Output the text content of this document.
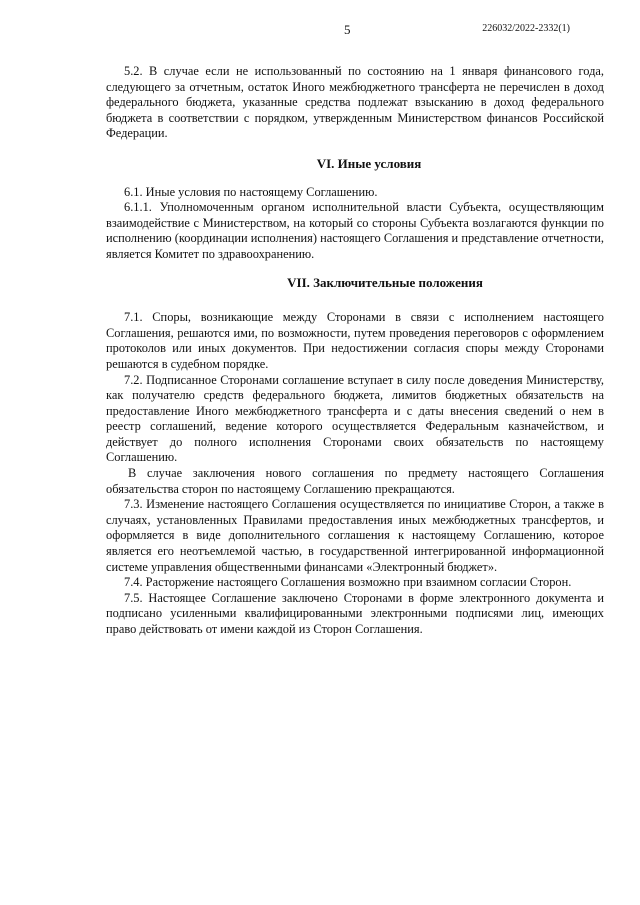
5	226032/2022-2332(1)

5.2. В случае если не использованный по состоянию на 1 января финансового года, следующего за отчетным, остаток Иного межбюджетного трансферта не перечислен в доход федерального бюджета, указанные средства подлежат взысканию в доход федерального бюджета в соответствии с порядком, утвержденным Министерством финансов Российской Федерации.

VI. Иные условия

6.1. Иные условия по настоящему Соглашению.

6.1.1. Уполномоченным органом исполнительной власти Субъекта, осуществляющим взаимодействие с Министерством, на который со стороны Субъекта возлагаются функции по исполнению (координации исполнения) настоящего Соглашения и представление отчетности, является Комитет по здравоохранению.

VII. Заключительные положения

7.1. Споры, возникающие между Сторонами в связи с исполнением настоящего Соглашения, решаются ими, по возможности, путем проведения переговоров с оформлением протоколов или иных документов. При недостижении согласия споры между Сторонами решаются в судебном порядке.

7.2. Подписанное Сторонами соглашение вступает в силу после доведения Министерству, как получателю средств федерального бюджета, лимитов бюджетных обязательств на предоставление Иного межбюджетного трансферта и с даты внесения сведений о нем в реестр соглашений, ведение которого осуществляется Федеральным казначейством, и действует до полного исполнения Сторонами своих обязательств по настоящему Соглашению.

В случае заключения нового соглашения по предмету настоящего Соглашения обязательства сторон по настоящему Соглашению прекращаются.

7.3. Изменение настоящего Соглашения осуществляется по инициативе Сторон, а также в случаях, установленных Правилами предоставления иных межбюджетных трансфертов, и оформляется в виде дополнительного соглашения к настоящему Соглашению, которое является его неотъемлемой частью, в государственной интегрированной информационной системе управления общественными финансами «Электронный бюджет».

7.4. Расторжение настоящего Соглашения возможно при взаимном согласии Сторон.

7.5. Настоящее Соглашение заключено Сторонами в форме электронного документа и подписано усиленными квалифицированными электронными подписями лиц, имеющих право действовать от имени каждой из Сторон Соглашения.
